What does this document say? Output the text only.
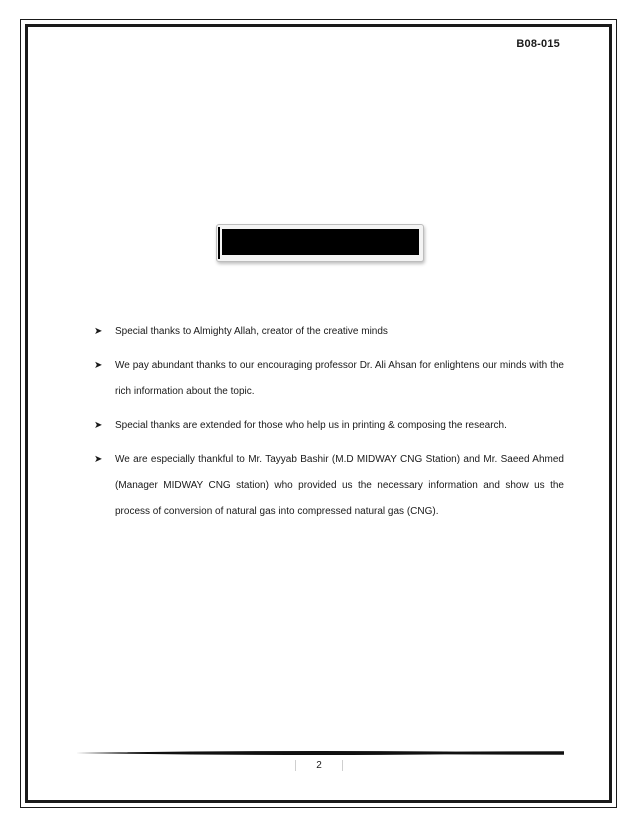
B08-015
➤ Special thanks to Almighty Allah, creator of the creative minds
➤ We pay abundant thanks to our encouraging professor Dr. Ali Ahsan for enlightens our minds with the rich information about the topic.
➤ Special thanks are extended for those who help us in printing & composing the research.
➤ We are especially thankful to Mr. Tayyab Bashir (M.D MIDWAY CNG Station) and Mr. Saeed Ahmed (Manager MIDWAY CNG station) who provided us the necessary information and show us the process of conversion of natural gas into compressed natural gas (CNG).
2
